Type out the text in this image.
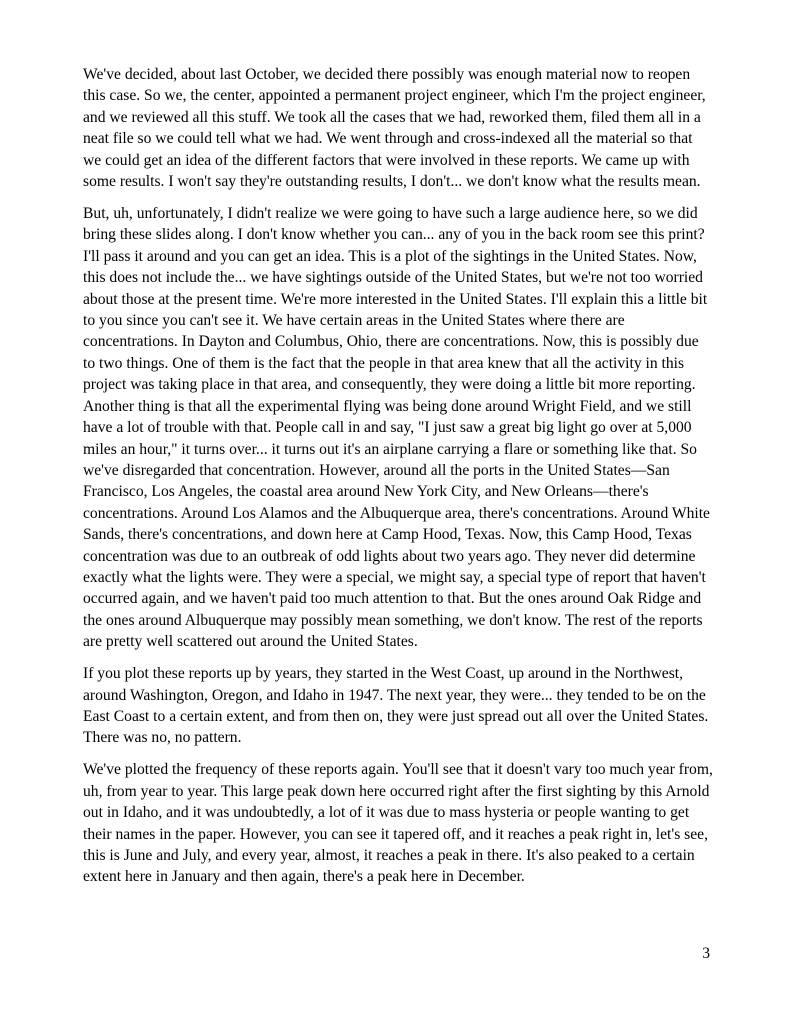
We've decided, about last October, we decided there possibly was enough material now to reopen this case. So we, the center, appointed a permanent project engineer, which I'm the project engineer, and we reviewed all this stuff. We took all the cases that we had, reworked them, filed them all in a neat file so we could tell what we had. We went through and cross-indexed all the material so that we could get an idea of the different factors that were involved in these reports. We came up with some results. I won't say they're outstanding results, I don't... we don't know what the results mean.

But, uh, unfortunately, I didn't realize we were going to have such a large audience here, so we did bring these slides along. I don't know whether you can... any of you in the back room see this print? I'll pass it around and you can get an idea. This is a plot of the sightings in the United States. Now, this does not include the... we have sightings outside of the United States, but we're not too worried about those at the present time. We're more interested in the United States. I'll explain this a little bit to you since you can't see it. We have certain areas in the United States where there are concentrations. In Dayton and Columbus, Ohio, there are concentrations. Now, this is possibly due to two things. One of them is the fact that the people in that area knew that all the activity in this project was taking place in that area, and consequently, they were doing a little bit more reporting. Another thing is that all the experimental flying was being done around Wright Field, and we still have a lot of trouble with that. People call in and say, "I just saw a great big light go over at 5,000 miles an hour," it turns over... it turns out it's an airplane carrying a flare or something like that. So we've disregarded that concentration. However, around all the ports in the United States—San Francisco, Los Angeles, the coastal area around New York City, and New Orleans—there's concentrations. Around Los Alamos and the Albuquerque area, there's concentrations. Around White Sands, there's concentrations, and down here at Camp Hood, Texas. Now, this Camp Hood, Texas concentration was due to an outbreak of odd lights about two years ago. They never did determine exactly what the lights were. They were a special, we might say, a special type of report that haven't occurred again, and we haven't paid too much attention to that. But the ones around Oak Ridge and the ones around Albuquerque may possibly mean something, we don't know. The rest of the reports are pretty well scattered out around the United States.

If you plot these reports up by years, they started in the West Coast, up around in the Northwest, around Washington, Oregon, and Idaho in 1947. The next year, they were... they tended to be on the East Coast to a certain extent, and from then on, they were just spread out all over the United States. There was no, no pattern.

We've plotted the frequency of these reports again. You'll see that it doesn't vary too much year from, uh, from year to year. This large peak down here occurred right after the first sighting by this Arnold out in Idaho, and it was undoubtedly, a lot of it was due to mass hysteria or people wanting to get their names in the paper. However, you can see it tapered off, and it reaches a peak right in, let's see, this is June and July, and every year, almost, it reaches a peak in there. It's also peaked to a certain extent here in January and then again, there's a peak here in December.

3
